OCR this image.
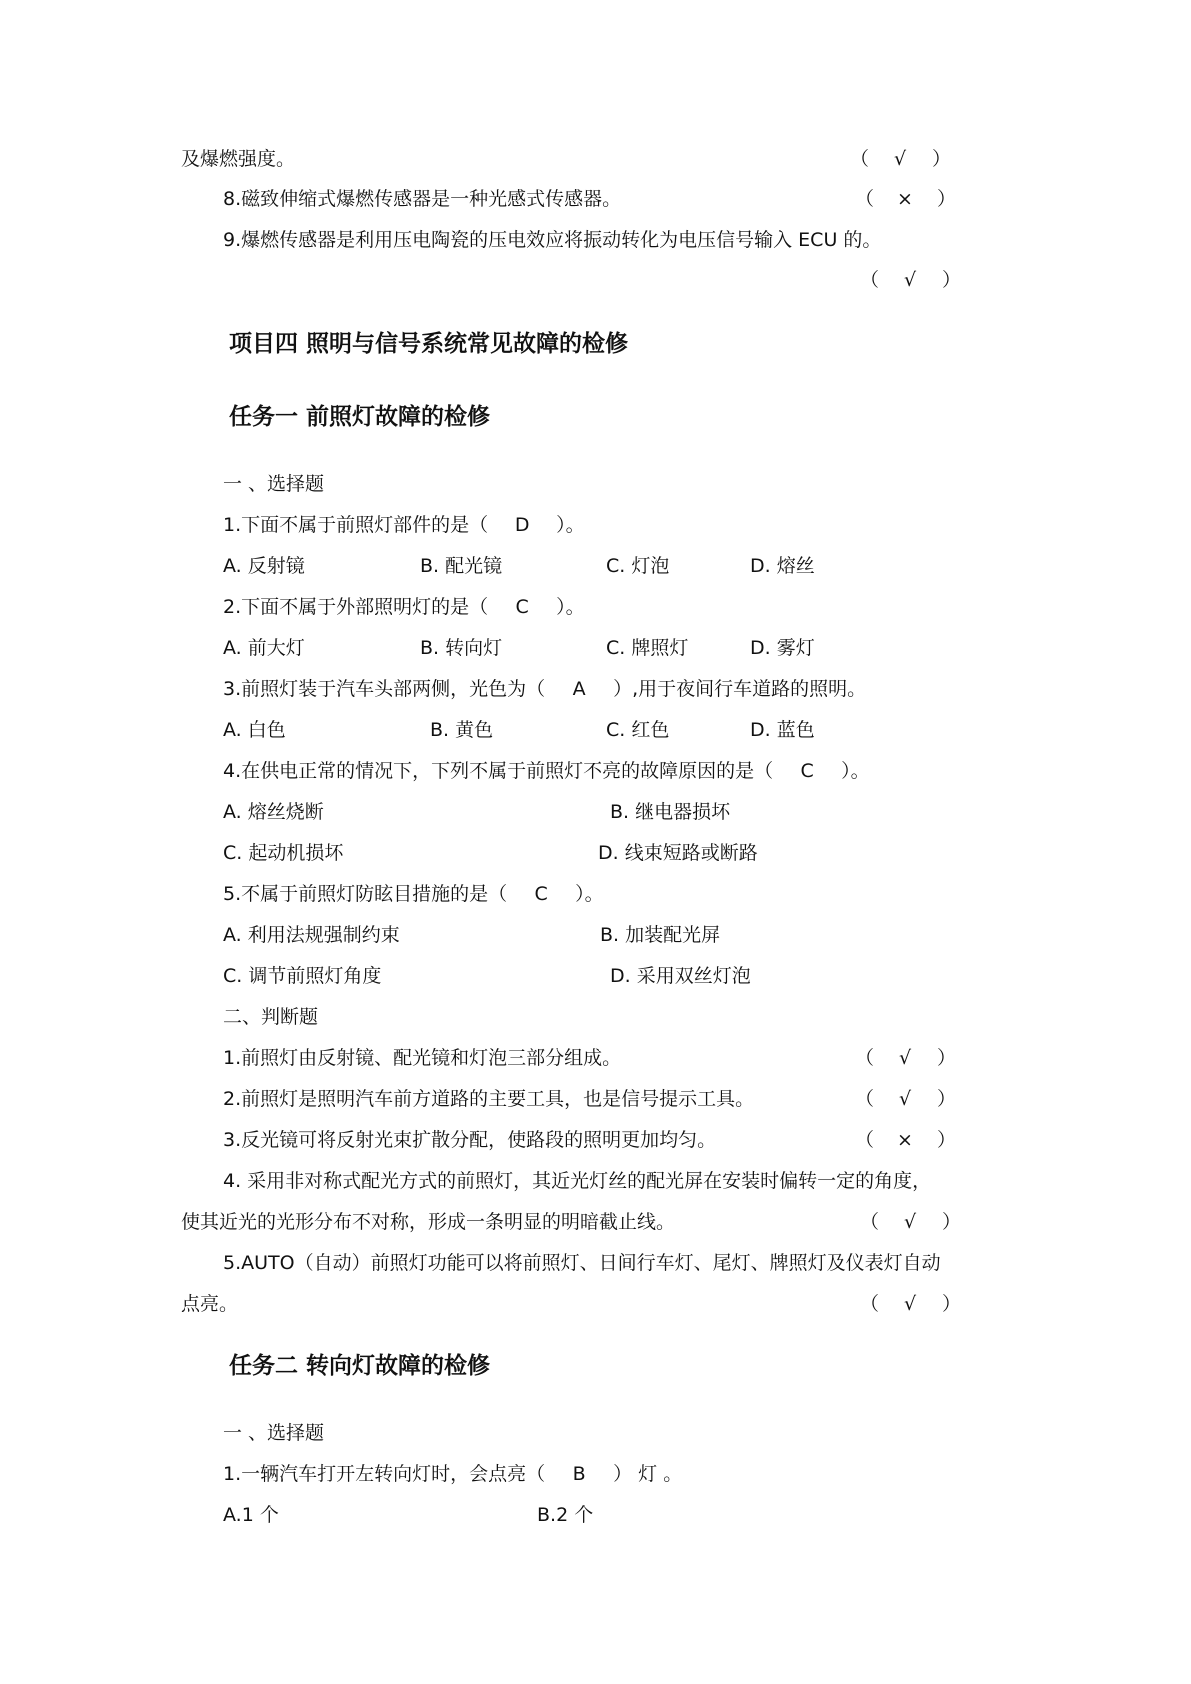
及爆燃强度。	（ √ ）
8.磁致伸缩式爆燃传感器是一种光感式传感器。	（ × ）
9.爆燃传感器是利用压电陶瓷的压电效应将振动转化为电压信号输入 ECU 的。
（ √ ）
项目四 照明与信号系统常见故障的检修
任务一 前照灯故障的检修
一 、选择题
1.下面不属于前照灯部件的是（ D ）。
A. 反射镜	B. 配光镜	C. 灯泡	D. 熔丝
2.下面不属于外部照明灯的是（ C ）。
A. 前大灯	B. 转向灯	C. 牌照灯	D. 雾灯
3.前照灯装于汽车头部两侧，光色为（ A ）,用于夜间行车道路的照明。
A. 白色	B. 黄色	C. 红色	D. 蓝色
4.在供电正常的情况下，下列不属于前照灯不亮的故障原因的是（ C ）。
A. 熔丝烧断	B. 继电器损坏
C. 起动机损坏	D. 线束短路或断路
5.不属于前照灯防眩目措施的是（ C ）。
A. 利用法规强制约束	B. 加装配光屏
C. 调节前照灯角度	D. 采用双丝灯泡
二、判断题
1.前照灯由反射镜、配光镜和灯泡三部分组成。	（ √ ）
2.前照灯是照明汽车前方道路的主要工具，也是信号提示工具。	（ √ ）
3.反光镜可将反射光束扩散分配，使路段的照明更加均匀。	（ × ）
4. 采用非对称式配光方式的前照灯，其近光灯丝的配光屏在安装时偏转一定的角度，
使其近光的光形分布不对称，形成一条明显的明暗截止线。	（ √ ）
5.AUTO（自动）前照灯功能可以将前照灯、日间行车灯、尾灯、牌照灯及仪表灯自动
点亮。	（ √ ）
任务二 转向灯故障的检修
一 、选择题
1.一辆汽车打开左转向灯时，会点亮（ B ） 灯 。
A.1 个	B.2 个
